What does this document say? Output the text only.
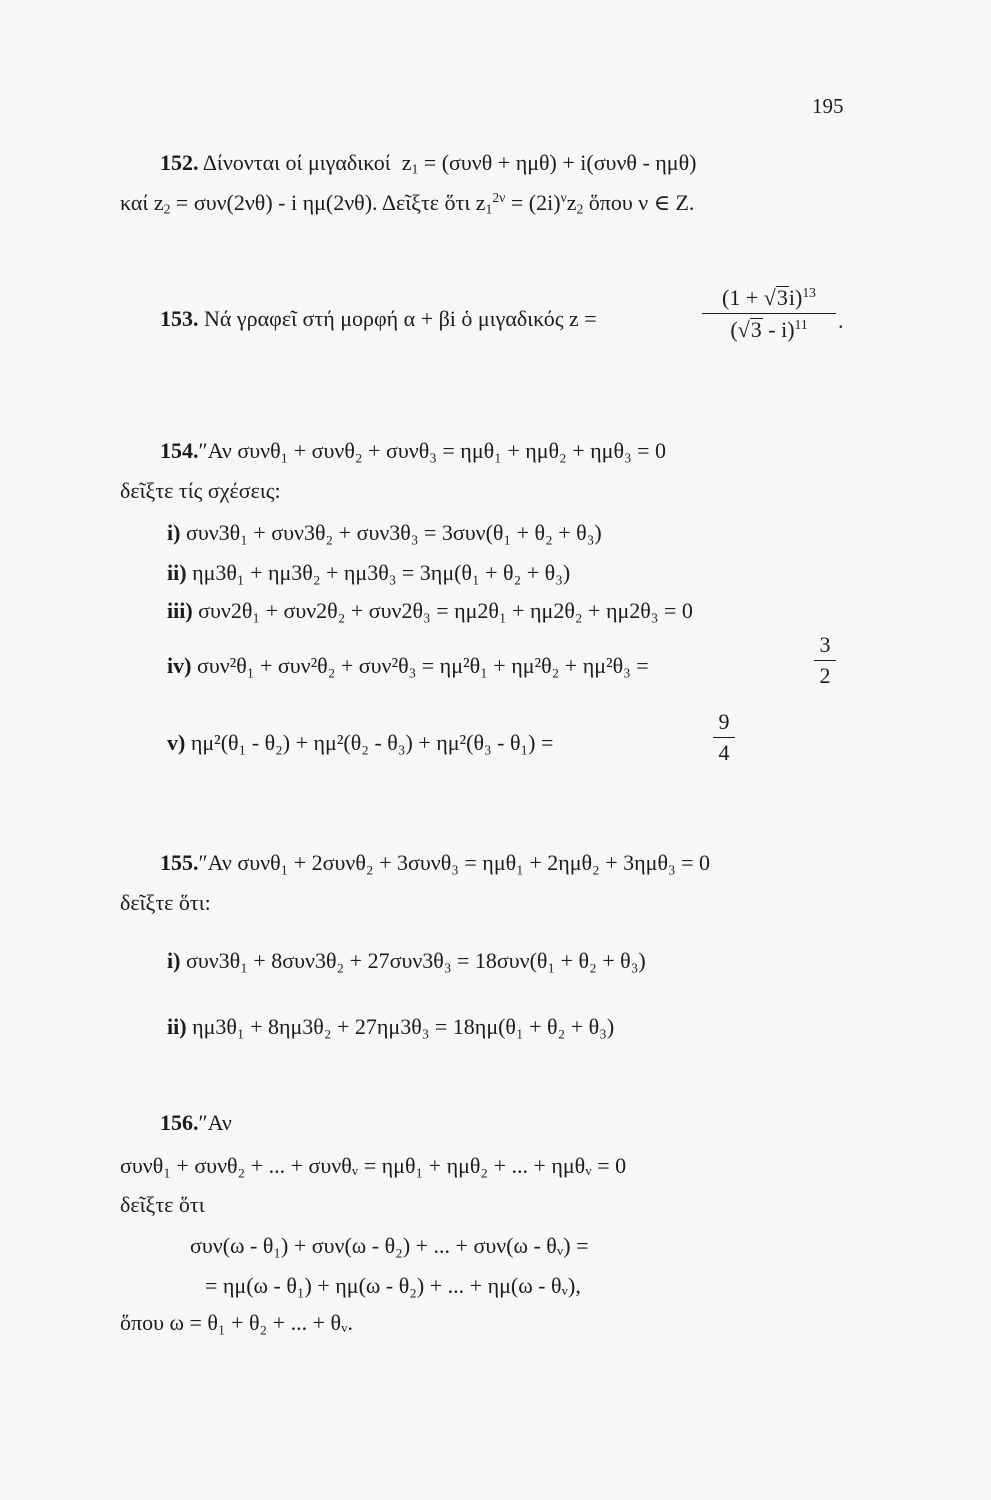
195
152. Δίνονται οί μιγαδικοί $z_1 = (\sigma\upsilon\nu\theta + \eta\mu\theta) + i(\sigma\upsilon\nu\theta - \eta\mu\theta)$
καί $z_2 = \sigma\upsilon\nu(2\nu\theta) - i$ ημ(2νθ). Δεῖξτε ὅτι $z_1^{2\nu} = (2i)^\nu z_2$ ὅπου ν ∈ Z.
153. Νά γραφεῖ στή μορφή α + βi ὁ μιγαδικός z =
$(1 + √3i)^{13}$
(√3 - i)$^{11}$	.
154.″Αν συνθ₁ + συνθ₂ + συνθ₃ = ημθ₁ + ημθ₂ + ημθ₃ = 0
δεῖξτε τίς σχέσεις:
i) συν3θ₁ + συν3θ₂ + συν3θ₃ = 3συν(θ₁ + θ₂ + θ₃)
ii) ημ3θ₁ + ημ3θ₂ + ημ3θ₃ = 3ημ(θ₁ + θ₂ + θ₃)
iii) συν2θ₁ + συν2θ₂ + συν2θ₃ = ημ2θ₁ + ημ2θ₂ + ημ2θ₃ = 0
iv) συν²θ₁ + συν²θ₂ + συν²θ₃ = ημ²θ₁ + ημ²θ₂ + ημ²θ₃ =
3
2
v) ημ²(θ₁ - θ₂) + ημ²(θ₂ - θ₃) + ημ²(θ₃ - θ₁) =
9
4
155.″Αν συνθ₁ + 2συνθ₂ + 3συνθ₃ = ημθ₁ + 2ημθ₂ + 3ημθ₃ = 0
δεῖξτε ὅτι:
i) συν3θ₁ + 8συν3θ₂ + 27συν3θ₃ = 18συν(θ₁ + θ₂ + θ₃)
ii) ημ3θ₁ + 8ημ3θ₂ + 27ημ3θ₃ = 18ημ(θ₁ + θ₂ + θ₃)
156.″Αν
συνθ₁ + συνθ₂ + ... + συνθᵥ = ημθ₁ + ημθ₂ + ... + ημθᵥ = 0
δεῖξτε ὅτι
συν(ω - θ₁) + συν(ω - θ₂) + ... + συν(ω - θᵥ) =
= ημ(ω - θ₁) + ημ(ω - θ₂) + ... + ημ(ω - θᵥ),
ὅπου ω = θ₁ + θ₂ + ... + θᵥ.
